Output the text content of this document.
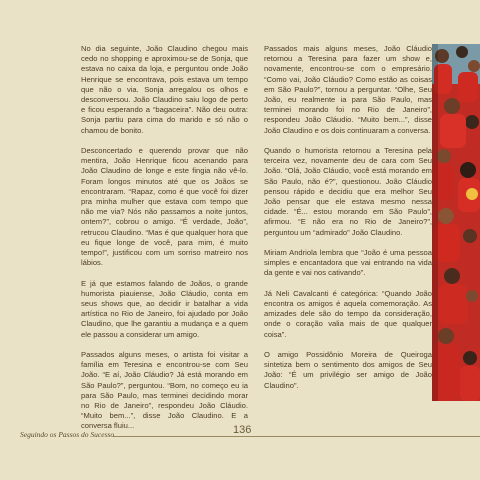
No dia seguinte, João Claudino chegou mais cedo no shopping e aproximou-se de Sonja, que estava no caixa da loja, e perguntou onde João Henrique se encontrava, pois estava um tempo que não o via. Sonja arregalou os olhos e desconversou. João Claudino saiu logo de perto e ficou esperando a “bagaceira”. Não deu outra: Sonja partiu para cima do marido e só não o chamou de bonito.

Desconcertado e querendo provar que não mentira, João Henrique ficou acenando para João Claudino de longe e este fingia não vê-lo. Foram longos minutos até que os Joãos se encontraram. “Rapaz, como é que você foi dizer pra minha mulher que estava com tempo que não me via? Nós não passamos a noite juntos, ontem?”, cobrou o amigo. “É verdade, João”, retrucou Claudino. “Mas é que qualquer hora que eu fique longe de você, para mim, é muito tempo!”, justificou com um sorriso matreiro nos lábios.

E já que estamos falando de Joãos, o grande humorista piauiense, João Cláudio, conta em seus shows que, ao decidir ir batalhar a vida artística no Rio de Janeiro, foi ajudado por João Claudino, que lhe garantiu a mudança e a quem ele passou a considerar um amigo.

Passados alguns meses, o artista foi visitar a família em Teresina e encontrou-se com Seu João. “E aí, João Cláudio? Já está morando em São Paulo?”, perguntou. “Bom, no começo eu ia para São Paulo, mas terminei decidindo morar no Rio de Janeiro”, respondeu João Cláudio. “Muito bem...”, disse João Claudino. E a conversa fluiu...

Passados mais alguns meses, João Cláudio retornou a Teresina para fazer um show e, novamente, encontrou-se com o empresário. “Como vai, João Cláudio? Como estão as coisas em São Paulo?”, tornou a perguntar. “Olhe, Seu João, eu realmente ia para São Paulo, mas terminei morando foi no Rio de Janeiro”, respondeu João Cláudio. “Muito bem...”, disse João Claudino e os dois continuaram a conversa.

Quando o humorista retornou a Teresina pela terceira vez, novamente deu de cara com Seu João. “Olá, João Cláudio, você está morando em São Paulo, não é?”, questionou. João Cláudio pensou rápido e decidiu que era melhor Seu João pensar que ele estava mesmo nessa cidade. “É... estou morando em São Paulo”, afirmou. “E não era no Rio de Janeiro?”, perguntou um “admirado” João Claudino.

Miriam Andriola lembra que “João é uma pessoa simples e encantadora que vai entrando na vida da gente e vai nos cativando”.

Já Neli Cavalcanti é categórica: “Quando João encontra os amigos é aquela comemoração. As amizades dele são do tempo da consideração, onde o coração valia mais de que qualquer coisa”.

O amigo Possidônio Moreira de Queiroga sintetiza bem o sentimento dos amigos de Seu João: “É um privilégio ser amigo de João Claudino”.

Seguindo os Passos do Sucesso	136
